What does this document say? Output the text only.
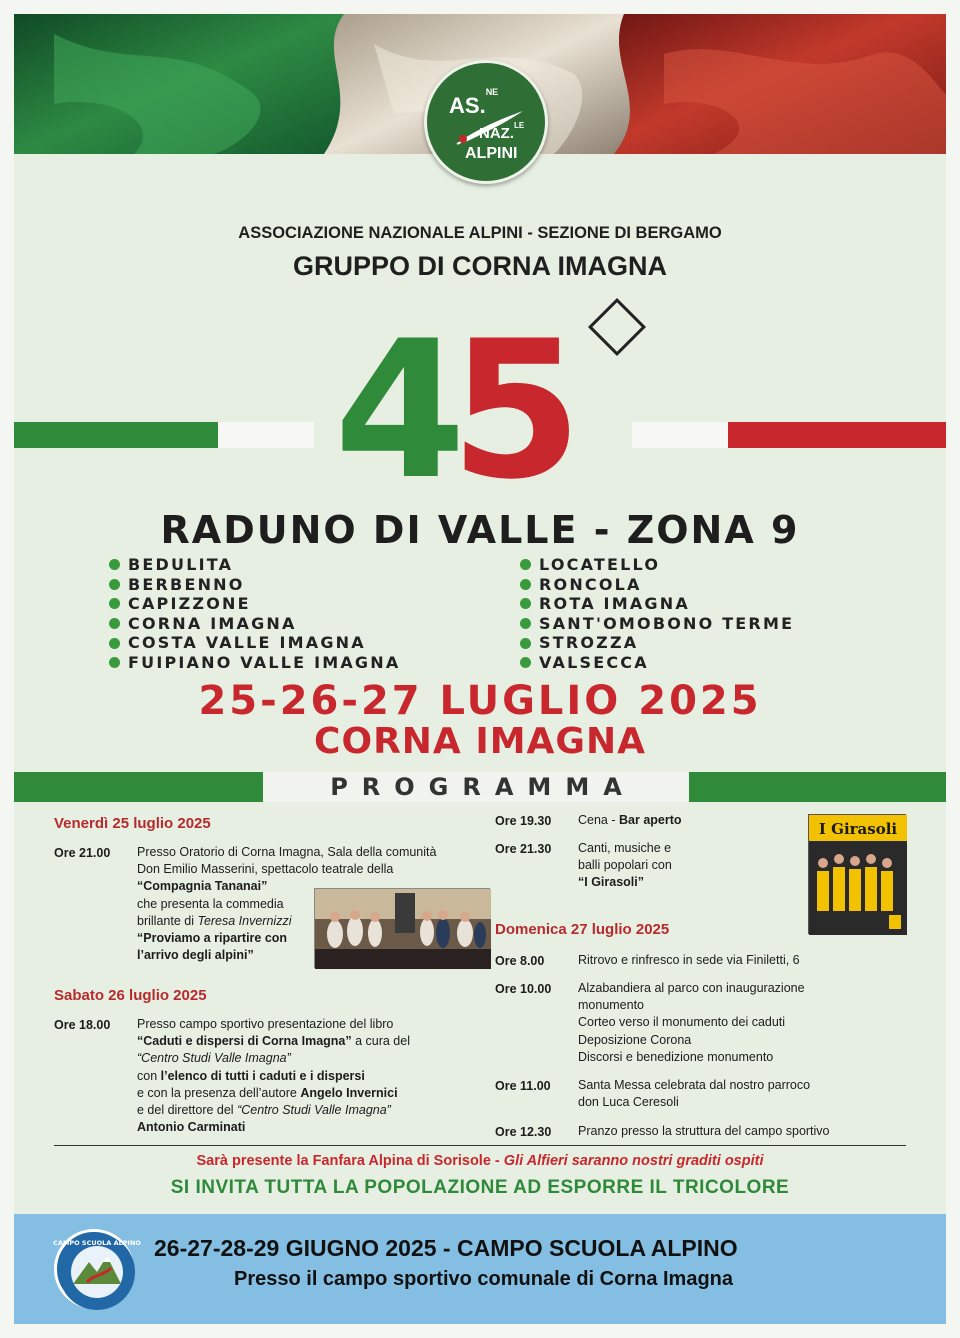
AS.$^{NE}$
NAZ.$^{LE}$
ALPINI
ASSOCIAZIONE NAZIONALE ALPINI - SEZIONE DI BERGAMO
GRUPPO DI CORNA IMAGNA
4
5
RADUNO DI VALLE - ZONA 9
BEDULITA
BERBENNO
CAPIZZONE
CORNA IMAGNA
COSTA VALLE IMAGNA
FUIPIANO VALLE IMAGNA
LOCATELLO
RONCOLA
ROTA IMAGNA
SANT'OMOBONO TERME
STROZZA
VALSECCA
25-26-27 LUGLIO 2025
CORNA IMAGNA
PROGRAMMA
Venerdì 25 luglio 2025
Ore 21.00 Presso Oratorio di Corna Imagna, Sala della comunità
Don Emilio Masserini, spettacolo teatrale della
“Compagnia Tananai”
che presenta la commedia
brillante di Teresa Invernizzi
“Proviamo a ripartire con
l’arrivo degli alpini”
Sabato 26 luglio 2025
Ore 18.00 Presso campo sportivo presentazione del libro
“Caduti e dispersi di Corna Imagna” a cura del
“Centro Studi Valle Imagna”
con l’elenco di tutti i caduti e i dispersi
e con la presenza dell’autore Angelo Invernici
e del direttore del “Centro Studi Valle Imagna”
Antonio Carminati
Ore 19.30 Cena - Bar aperto
Ore 21.30 Canti, musiche e
balli popolari con
“I Girasoli”
I Girasoli
Domenica 27 luglio 2025
Ore 8.00	Ritrovo e rinfresco in sede via Finiletti, 6
Ore 10.00 Alzabandiera al parco con inaugurazione
monumento
Corteo verso il monumento dei caduti
Deposizione Corona
Discorsi e benedizione monumento
Ore 11.00 Santa Messa celebrata dal nostro parroco
don Luca Ceresoli
Ore 12.30 Pranzo presso la struttura del campo sportivo
Sarà presente la Fanfara Alpina di Sorisole - Gli Alfieri saranno nostri graditi ospiti
SI INVITA TUTTA LA POPOLAZIONE AD ESPORRE IL TRICOLORE
CAMPO SCUOLA ALPINO 26-27-28-29 GIUGNO 2025 - CAMPO SCUOLA ALPINO
Presso il campo sportivo comunale di Corna Imagna
